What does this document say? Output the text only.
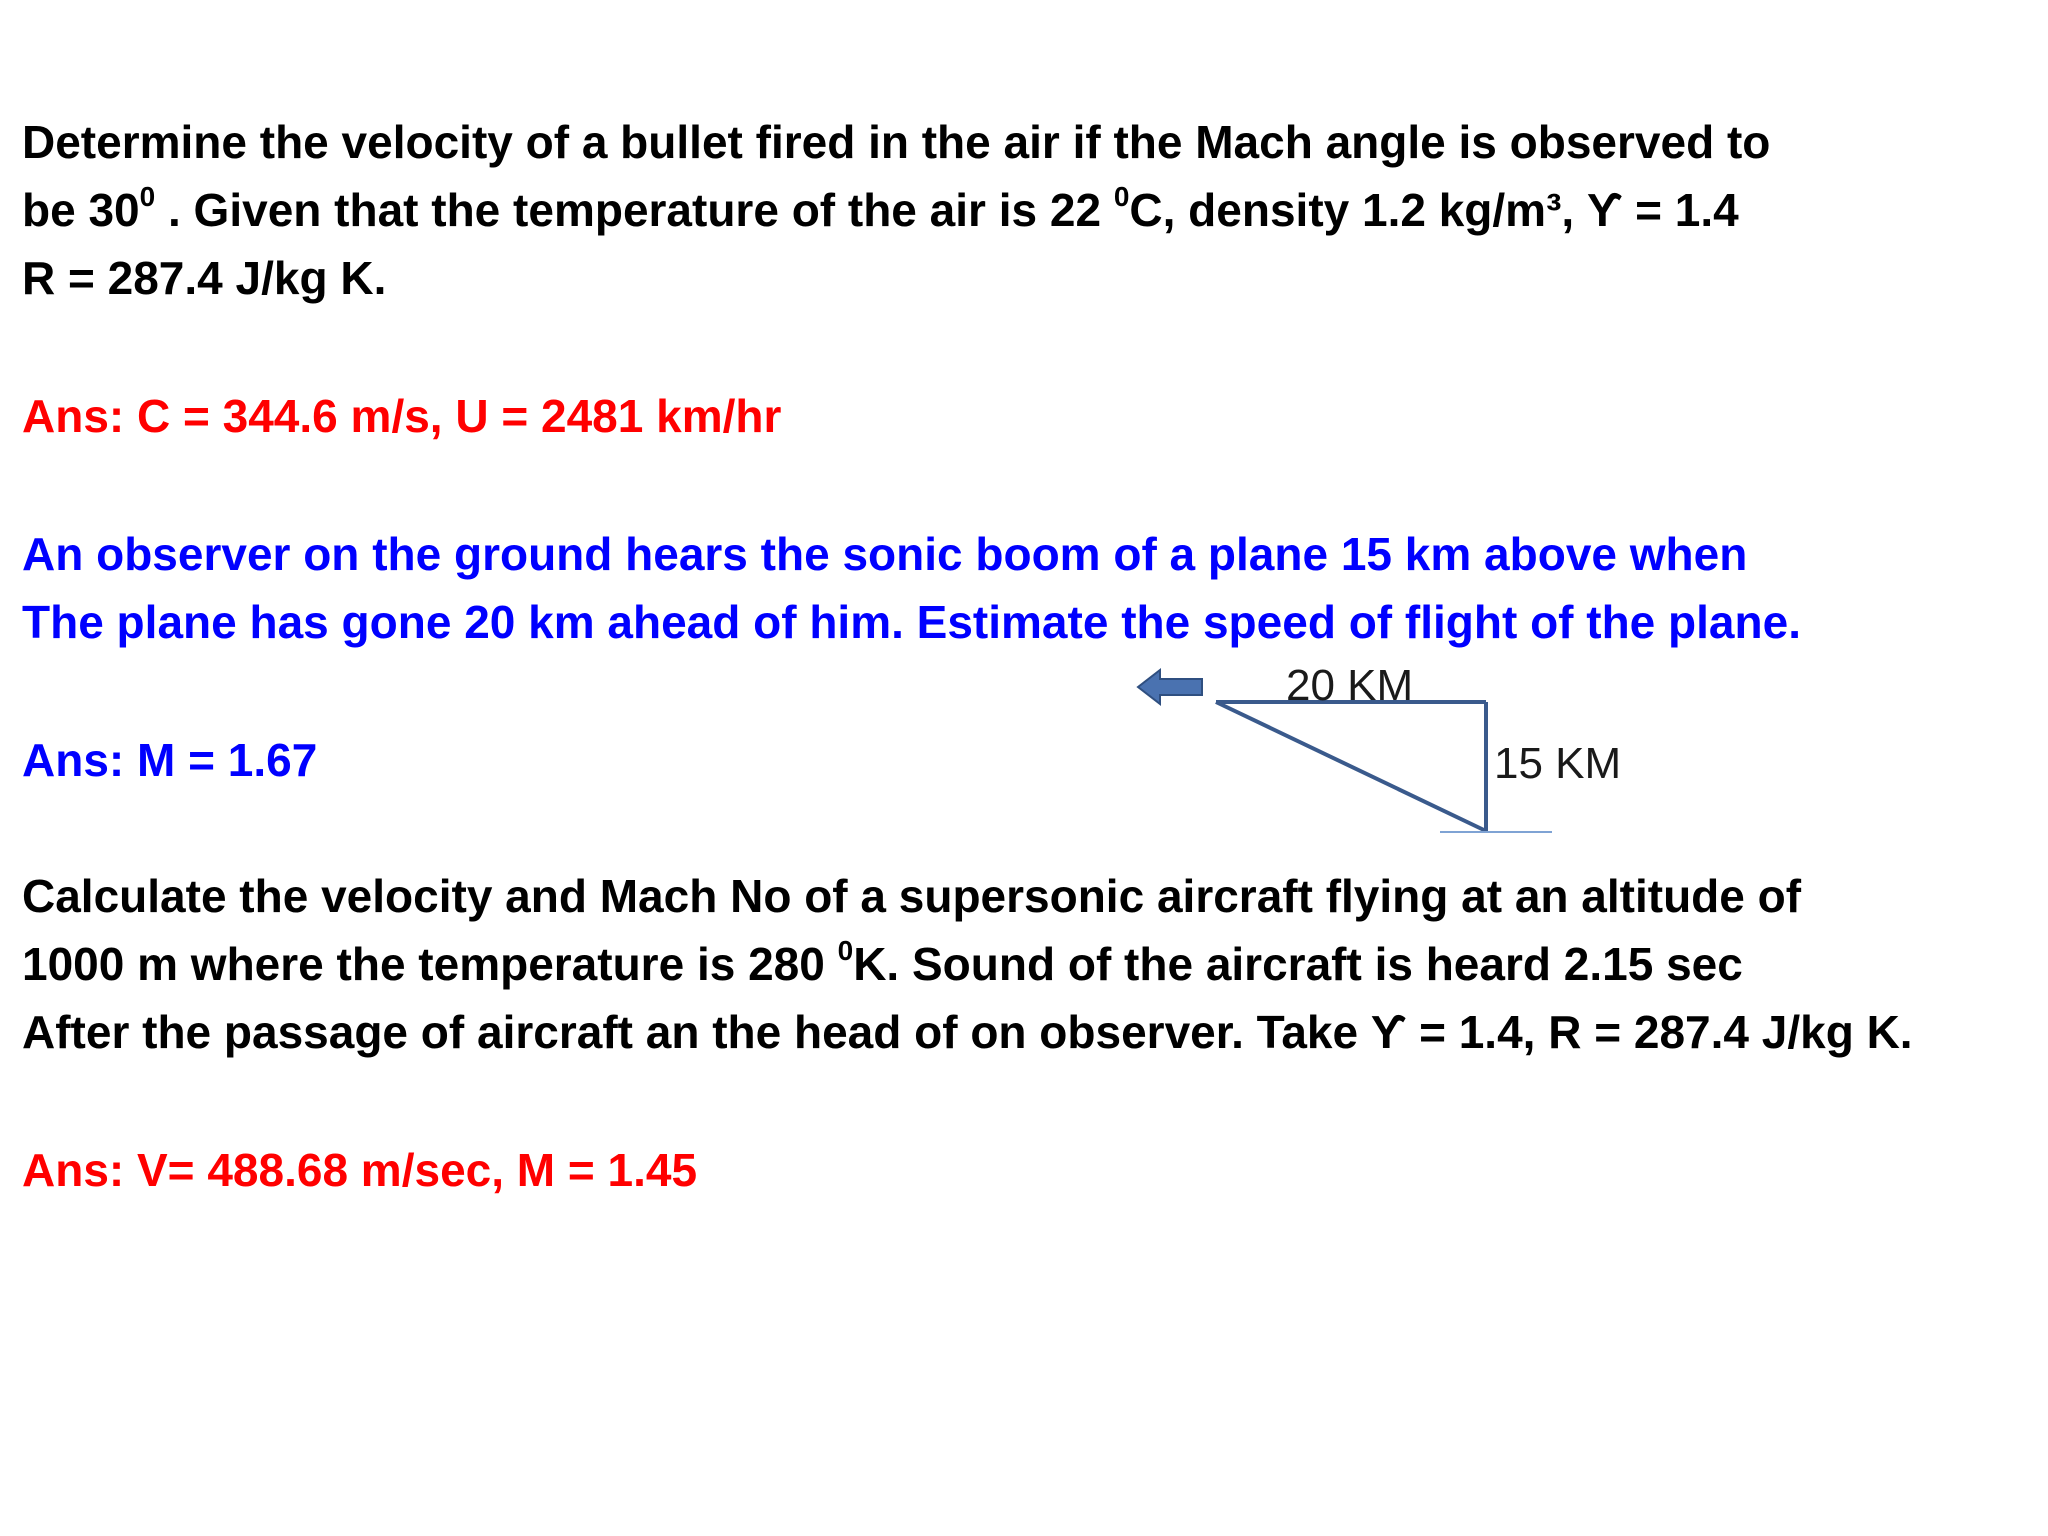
Determine the velocity of a bullet fired in the air if the Mach angle is observed to
be $30^0$ . Given that the temperature of the air is 22 $^0$C, density 1.2 kg/m³, ϒ = 1.4
R = 287.4 J/kg K.
Ans: C = 344.6 m/s, U = 2481 km/hr
An observer on the ground hears the sonic boom of a plane 15 km above when
The plane has gone 20 km ahead of him. Estimate the speed of flight of the plane.
Ans: M = 1.67
20 KM
15 KM
Calculate the velocity and Mach No of a supersonic aircraft flying at an altitude of
1000 m where the temperature is 280 $^0$K. Sound of the aircraft is heard 2.15 sec
After the passage of aircraft an the head of on observer. Take ϒ = 1.4, R = 287.4 J/kg K.
Ans: V= 488.68 m/sec, M = 1.45
